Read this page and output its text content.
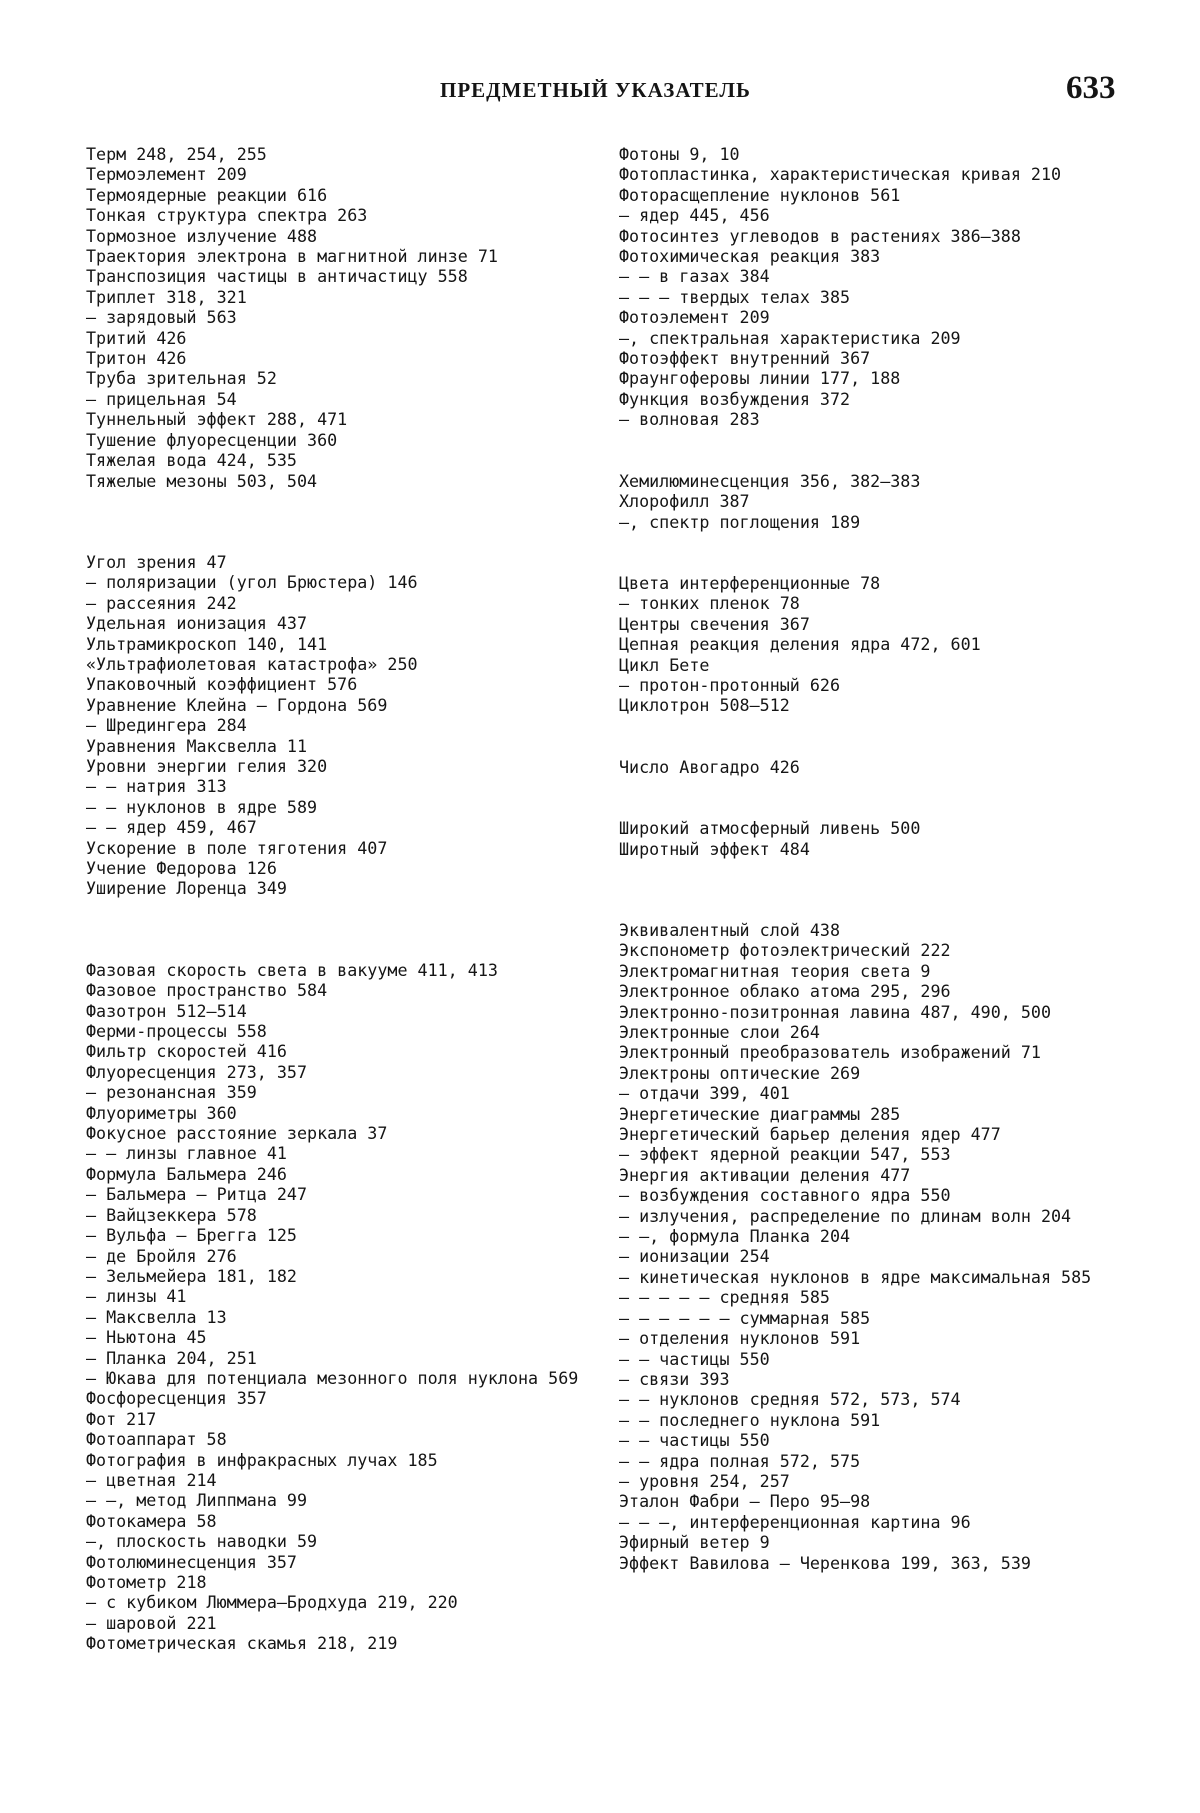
ПРЕДМЕТНЫЙ УКАЗАТЕЛЬ	633

Терм 248, 254, 255

Термоэлемент 209

Термоядерные реакции 616

Тонкая структура спектра 263

Тормозное излучение 488

Траектория электрона в магнитной линзе 71

Транспозиция частицы в античастицу 558

Триплет 318, 321

— зарядовый 563

Тритий 426

Тритон 426

Труба зрительная 52

— прицельная 54

Туннельный эффект 288, 471

Тушение флуоресценции 360

Тяжелая вода 424, 535

Тяжелые мезоны 503, 504

Угол зрения 47

— поляризации (угол Брюстера) 146

— рассеяния 242

Удельная ионизация 437

Ультрамикроскоп 140, 141

«Ультрафиолетовая катастрофа» 250

Упаковочный коэффициент 576

Уравнение Клейна — Гордона 569

— Шредингера 284

Уравнения Максвелла 11

Уровни энергии гелия 320

— — натрия 313

— — нуклонов в ядре 589

— — ядер 459, 467

Ускорение в поле тяготения 407

Учение Федорова 126

Уширение Лоренца 349

Фазовая скорость света в вакууме 411, 413

Фазовое пространство 584

Фазотрон 512—514

Ферми-процессы 558

Фильтр скоростей 416

Флуоресценция 273, 357

— резонансная 359

Флуориметры 360

Фокусное расстояние зеркала 37

— — линзы главное 41

Формула Бальмера 246

— Бальмера — Ритца 247

— Вайцзеккера 578

— Вульфа — Брегга 125

— де Бройля 276

— Зельмейера 181, 182

— линзы 41

— Максвелла 13

— Ньютона 45

— Планка 204, 251

— Юкава для потенциала мезонного поля нуклона 569

Фосфоресценция 357

Фот 217

Фотоаппарат 58

Фотография в инфракрасных лучах 185

— цветная 214

— —, метод Липпмана 99

Фотокамера 58

—, плоскость наводки 59

Фотолюминесценция 357

Фотометр 218

— с кубиком Люммера—Бродхуда 219, 220

— шаровой 221

Фотометрическая скамья 218, 219

Фотоны 9, 10

Фотопластинка, характеристическая кривая 210

Фоторасщепление нуклонов 561

— ядер 445, 456

Фотосинтез углеводов в растениях 386—388

Фотохимическая реакция 383

— — в газах 384

— — — твердых телах 385

Фотоэлемент 209

—, спектральная характеристика 209

Фотоэффект внутренний 367

Фраунгоферовы линии 177, 188

Функция возбуждения 372

— волновая 283

Хемилюминесценция 356, 382—383

Хлорофилл 387

—, спектр поглощения 189

Цвета интерференционные 78

— тонких пленок 78

Центры свечения 367

Цепная реакция деления ядра 472, 601

Цикл Бете

— протон-протонный 626

Циклотрон 508—512

Число Авогадро 426

Широкий атмосферный ливень 500

Широтный эффект 484

Эквивалентный слой 438

Экспонометр фотоэлектрический 222

Электромагнитная теория света 9

Электронное облако атома 295, 296

Электронно-позитронная лавина 487, 490, 500

Электронные слои 264

Электронный преобразователь изображений 71

Электроны оптические 269

— отдачи 399, 401

Энергетические диаграммы 285

Энергетический барьер деления ядер 477

— эффект ядерной реакции 547, 553

Энергия активации деления 477

— возбуждения составного ядра 550

— излучения, распределение по длинам волн 204

— —, формула Планка 204

— ионизации 254

— кинетическая нуклонов в ядре максимальная 585

— — — — — средняя 585

— — — — — — суммарная 585

— отделения нуклонов 591

— — частицы 550

— связи 393

— — нуклонов средняя 572, 573, 574

— — последнего нуклона 591

— — частицы 550

— — ядра полная 572, 575

— уровня 254, 257

Эталон Фабри — Перо 95—98

— — —, интерференционная картина 96

Эфирный ветер 9

Эффект Вавилова — Черенкова 199, 363, 539
